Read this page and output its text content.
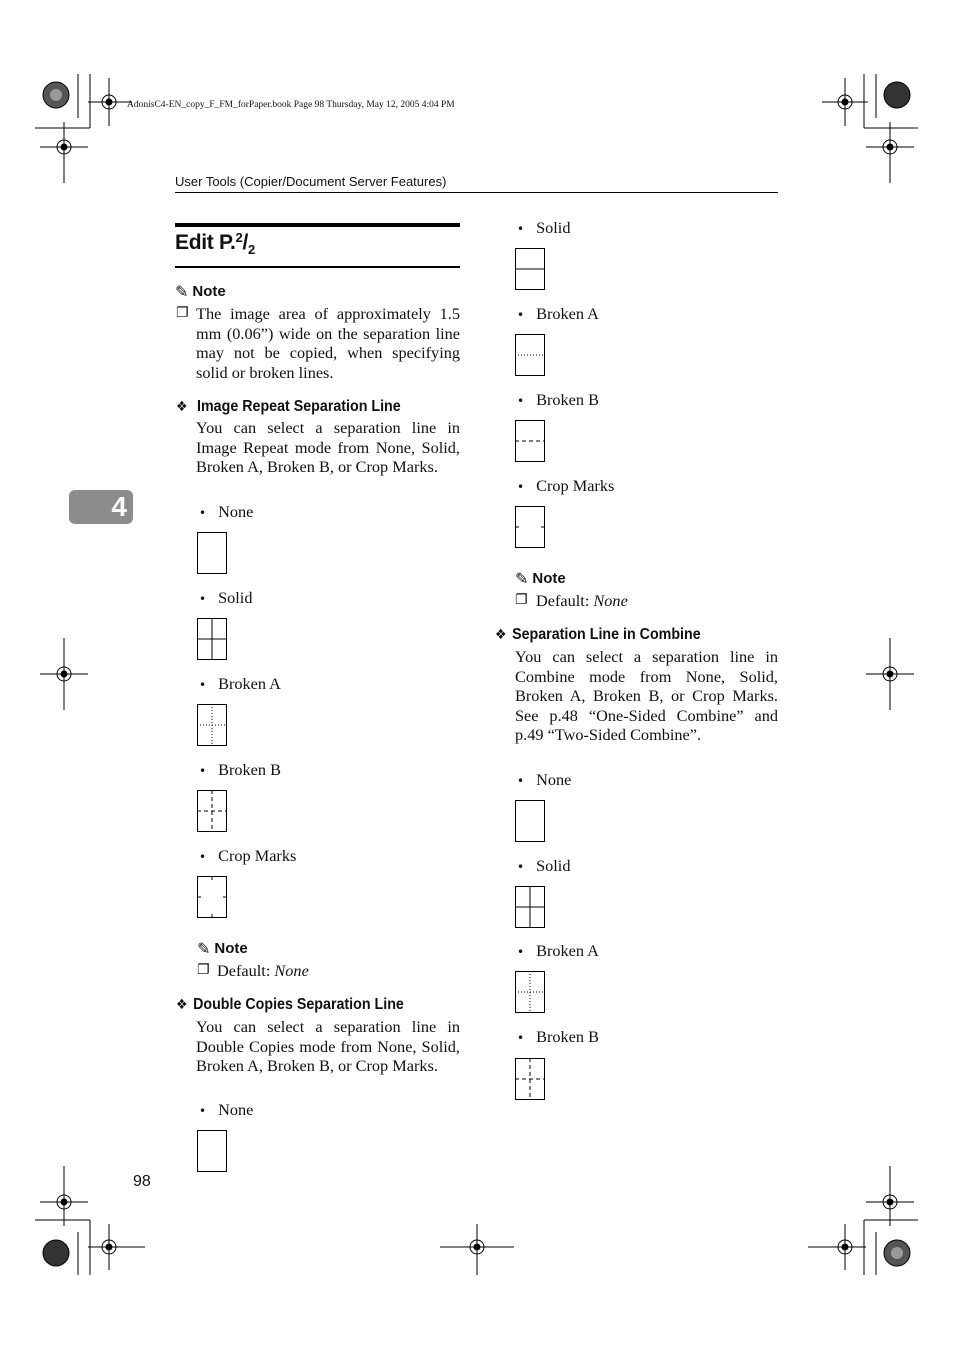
AdonisC4-EN_copy_F_FM_forPaper.book Page 98 Thursday, May 12, 2005 4:04 PM
User Tools (Copier/Document Server Features)
Edit $P.^2/_2$
4
98
✎ Note
❐ The image area of approximately 1.5 mm (0.06”) wide on the separation line may not be copied, when specifying solid or broken lines.
❖ Image Repeat Separation Line
You can select a separation line in Image Repeat mode from None, Solid, Broken A, Broken B, or Crop Marks.
• None
• Solid
• Broken A
• Broken B
• Crop Marks
✎ Note
❐ Default: None
❖ Double Copies Separation Line
You can select a separation line in Double Copies mode from None, Solid, Broken A, Broken B, or Crop Marks.
• None
• Solid
• Broken A
• Broken B
• Crop Marks
✎ Note
❐ Default: None
❖ Separation Line in Combine
You can select a separation line in Combine mode from None, Solid, Broken A, Broken B, or Crop Marks. See p.48 “One-Sided Combine” and p.49 “Two-Sided Combine”.
• None
• Solid
• Broken A
• Broken B
